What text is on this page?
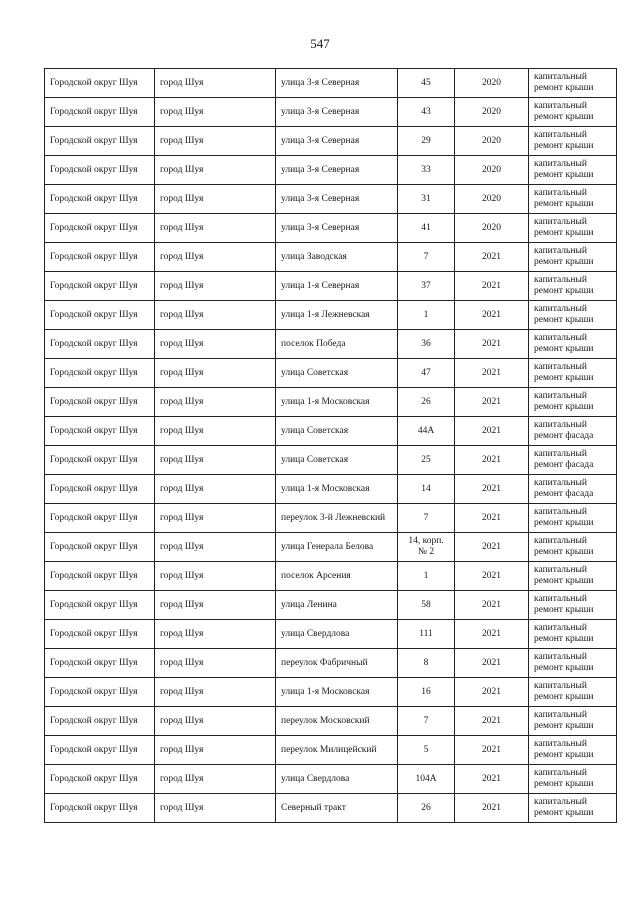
547
Городской округ Шуя	город Шуя	улица 3-я Северная	45	2020	капитальный ремонт крыши
Городской округ Шуя	город Шуя	улица 3-я Северная	43	2020	капитальный ремонт крыши
Городской округ Шуя	город Шуя	улица 3-я Северная	29	2020	капитальный ремонт крыши
Городской округ Шуя	город Шуя	улица 3-я Северная	33	2020	капитальный ремонт крыши
Городской округ Шуя	город Шуя	улица 3-я Северная	31	2020	капитальный ремонт крыши
Городской округ Шуя	город Шуя	улица 3-я Северная	41	2020	капитальный ремонт крыши
Городской округ Шуя	город Шуя	улица Заводская	7	2021	капитальный ремонт крыши
Городской округ Шуя	город Шуя	улица 1-я Северная	37	2021	капитальный ремонт крыши
Городской округ Шуя	город Шуя	улица 1-я Лежневская	1	2021	капитальный ремонт крыши
Городской округ Шуя	город Шуя	поселок Победа	36	2021	капитальный ремонт крыши
Городской округ Шуя	город Шуя	улица Советская	47	2021	капитальный ремонт крыши
Городской округ Шуя	город Шуя	улица 1-я Московская	26	2021	капитальный ремонт крыши
Городской округ Шуя	город Шуя	улица Советская	44А	2021	капитальный ремонт фасада
Городской округ Шуя	город Шуя	улица Советская	25	2021	капитальный ремонт фасада
Городской округ Шуя	город Шуя	улица 1-я Московская	14	2021	капитальный ремонт фасада
Городской округ Шуя	город Шуя	переулок 3-й Лежневский	7	2021	капитальный ремонт крыши
Городской округ Шуя	город Шуя	улица Генерала Белова	14, корп. № 2	2021	капитальный ремонт крыши
Городской округ Шуя	город Шуя	поселок Арсения	1	2021	капитальный ремонт крыши
Городской округ Шуя	город Шуя	улица Ленина	58	2021	капитальный ремонт крыши
Городской округ Шуя	город Шуя	улица Свердлова	111	2021	капитальный ремонт крыши
Городской округ Шуя	город Шуя	переулок Фабричный	8	2021	капитальный ремонт крыши
Городской округ Шуя	город Шуя	улица 1-я Московская	16	2021	капитальный ремонт крыши
Городской округ Шуя	город Шуя	переулок Московский	7	2021	капитальный ремонт крыши
Городской округ Шуя	город Шуя	переулок Милицейский	5	2021	капитальный ремонт крыши
Городской округ Шуя	город Шуя	улица Свердлова	104А	2021	капитальный ремонт крыши
Городской округ Шуя	город Шуя	Северный тракт	26	2021	капитальный ремонт крыши
